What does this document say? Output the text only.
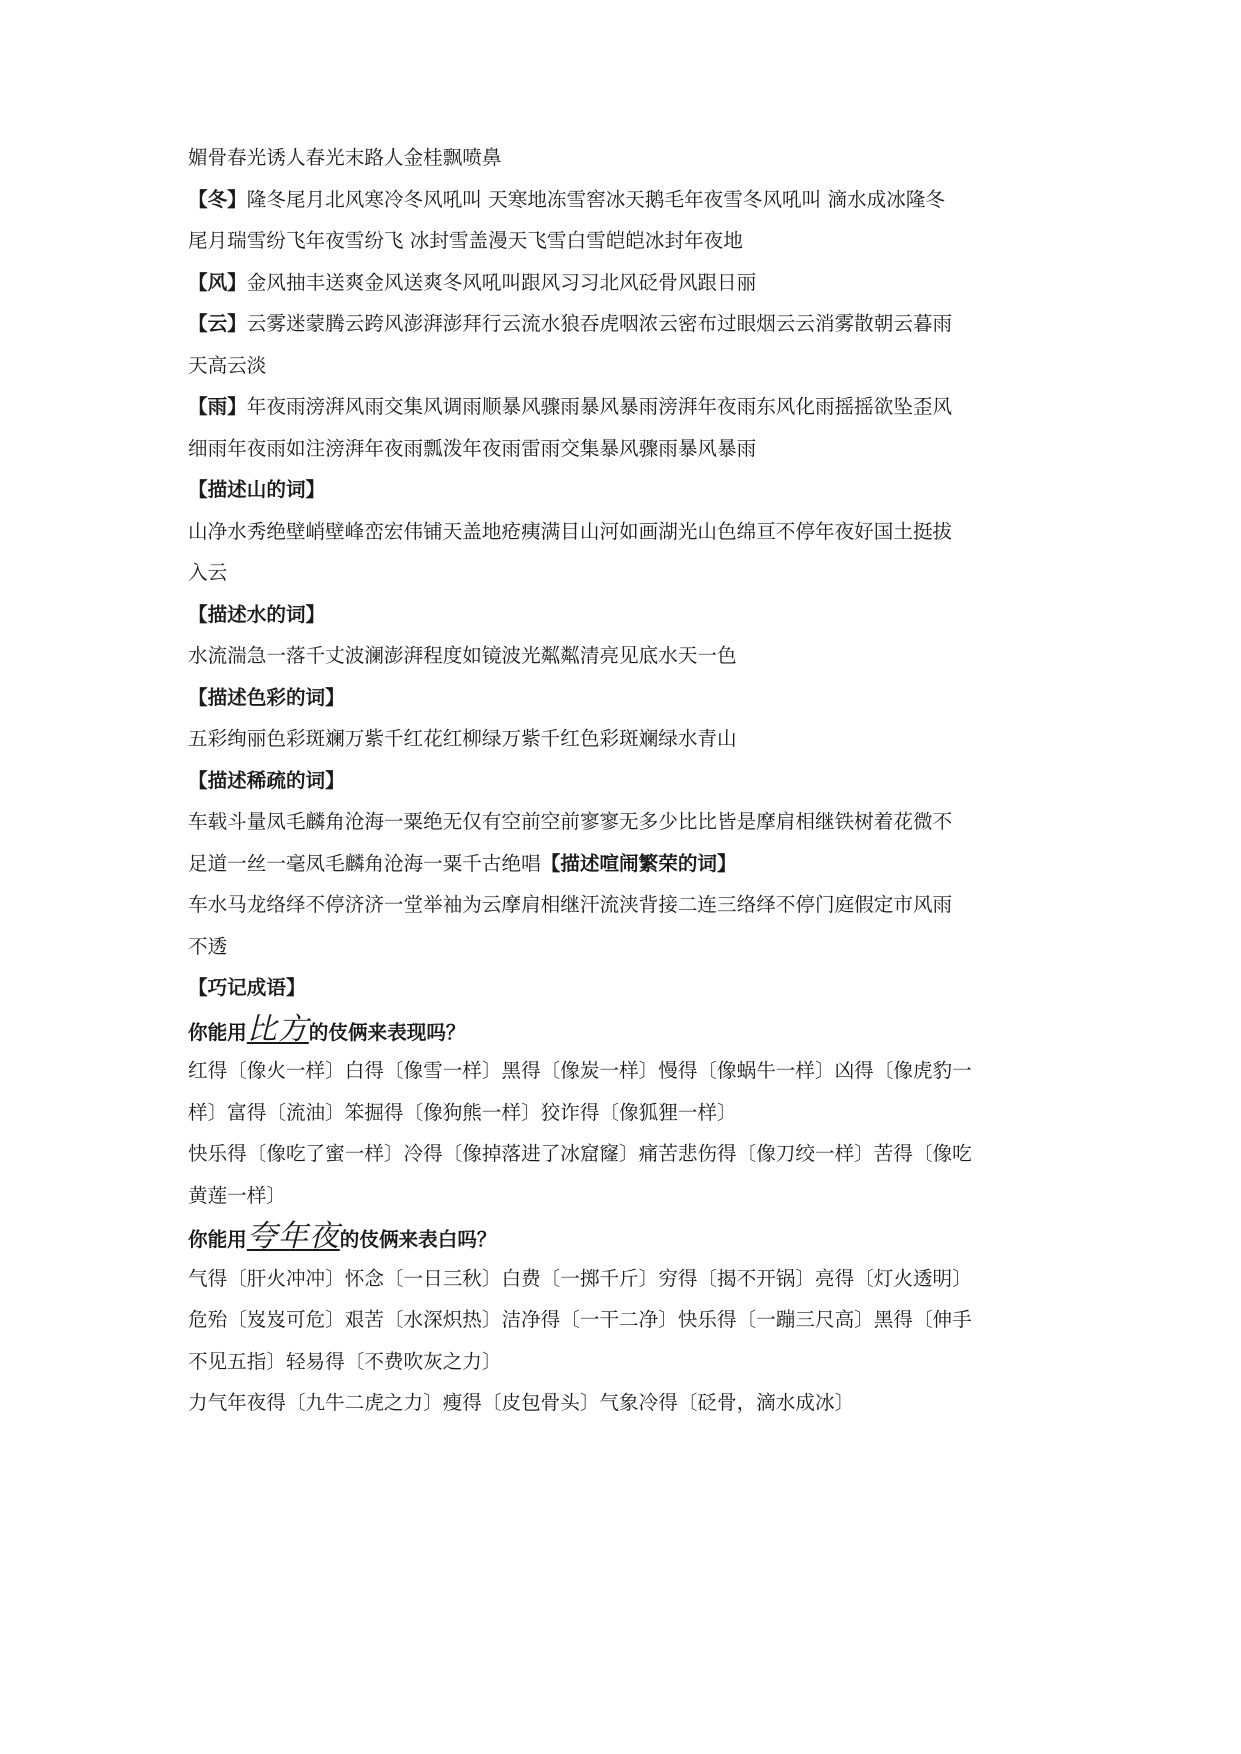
媚骨春光诱人春光末路人金桂飘喷鼻
【冬】隆冬尾月北风寒冷冬风吼叫 天寒地冻雪窖冰天鹅毛年夜雪冬风吼叫 滴水成冰隆冬
尾月瑞雪纷飞年夜雪纷飞 冰封雪盖漫天飞雪白雪皑皑冰封年夜地
【风】金风抽丰送爽金风送爽冬风吼叫跟风习习北风砭骨风跟日丽
【云】云雾迷蒙腾云跨风澎湃澎拜行云流水狼吞虎咽浓云密布过眼烟云云消雾散朝云暮雨
天高云淡
【雨】年夜雨滂湃风雨交集风调雨顺暴风骤雨暴风暴雨滂湃年夜雨东风化雨摇摇欲坠歪风
细雨年夜雨如注滂湃年夜雨瓢泼年夜雨雷雨交集暴风骤雨暴风暴雨
【描述山的词】
山净水秀绝壁峭壁峰峦宏伟铺天盖地疮痍满目山河如画湖光山色绵亘不停年夜好国土挺拔
入云
【描述水的词】
水流湍急一落千丈波澜澎湃程度如镜波光粼粼清亮见底水天一色
【描述色彩的词】
五彩绚丽色彩斑斓万紫千红花红柳绿万紫千红色彩斑斓绿水青山
【描述稀疏的词】
车载斗量凤毛麟角沧海一粟绝无仅有空前空前寥寥无多少比比皆是摩肩相继铁树着花微不
足道一丝一毫凤毛麟角沧海一粟千古绝唱【描述喧闹繁荣的词】
车水马龙络绎不停济济一堂举袖为云摩肩相继汗流浃背接二连三络绎不停门庭假定市风雨
不透
【巧记成语】
你能用比方的伎俩来表现吗？
红得〔像火一样〕白得〔像雪一样〕黑得〔像炭一样〕慢得〔像蜗牛一样〕凶得〔像虎豹一
样〕富得〔流油〕笨掘得〔像狗熊一样〕狡诈得〔像狐狸一样〕
快乐得〔像吃了蜜一样〕冷得〔像掉落进了冰窟窿〕痛苦悲伤得〔像刀绞一样〕苦得〔像吃
黄莲一样〕
你能用夸年夜的伎俩来表白吗？
气得〔肝火冲冲〕怀念〔一日三秋〕白费〔一掷千斤〕穷得〔揭不开锅〕亮得〔灯火透明〕
危殆〔岌岌可危〕艰苦〔水深炽热〕洁净得〔一干二净〕快乐得〔一蹦三尺高〕黑得〔伸手
不见五指〕轻易得〔不费吹灰之力〕
力气年夜得〔九牛二虎之力〕瘦得〔皮包骨头〕气象冷得〔砭骨，滴水成冰〕
